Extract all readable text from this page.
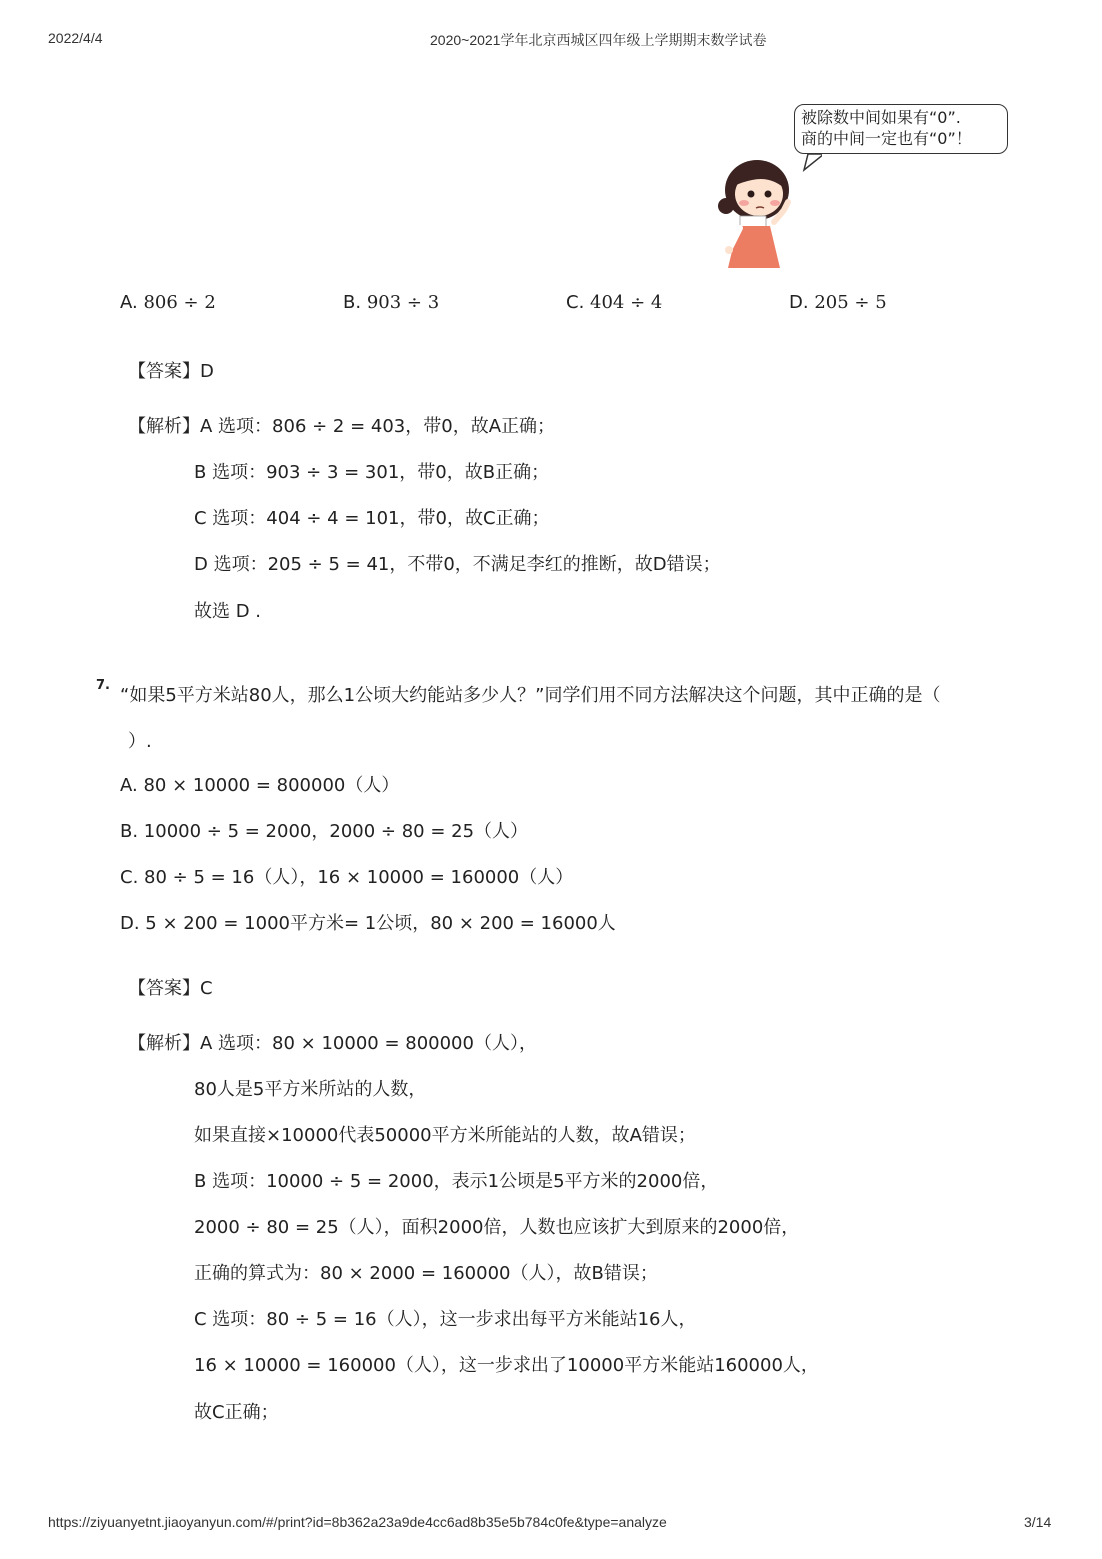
2022/4/4	2020~2021学年北京西城区四年级上学期期末数学试卷
被除数中间如果有“0”.
商的中间一定也有“0”！
A. 806 ÷ 2	B. 903 ÷ 3	C. 404 ÷ 4	D. 205 ÷ 5
【答案】D
【解析】A 选项：806 ÷ 2 = 403，带0，故A正确；
B 选项：903 ÷ 3 = 301，带0，故B正确；
C 选项：404 ÷ 4 = 101，带0，故C正确；
D 选项：205 ÷ 5 = 41，不带0，不满足李红的推断，故D错误；
故选 D .
7. “如果5平方米站80人，那么1公顷大约能站多少人？”同学们用不同方法解决这个问题，其中正确的是（
）.
A. 80 × 10000 = 800000（人）
B. 10000 ÷ 5 = 2000，2000 ÷ 80 = 25（人）
C. 80 ÷ 5 = 16（人），16 × 10000 = 160000（人）
D. 5 × 200 = 1000平方米= 1公顷，80 × 200 = 16000人
【答案】C
【解析】A 选项：80 × 10000 = 800000（人），
80人是5平方米所站的人数，
如果直接×10000代表50000平方米所能站的人数，故A错误；
B 选项：10000 ÷ 5 = 2000，表示1公顷是5平方米的2000倍，
2000 ÷ 80 = 25（人），面积2000倍，人数也应该扩大到原来的2000倍，
正确的算式为：80 × 2000 = 160000（人），故B错误；
C 选项：80 ÷ 5 = 16（人），这一步求出每平方米能站16人，
16 × 10000 = 160000（人），这一步求出了10000平方米能站160000人，
故C正确；
https://ziyuanyetnt.jiaoyanyun.com/#/print?id=8b362a23a9de4cc6ad8b35e5b784c0fe&type=analyze	3/14
